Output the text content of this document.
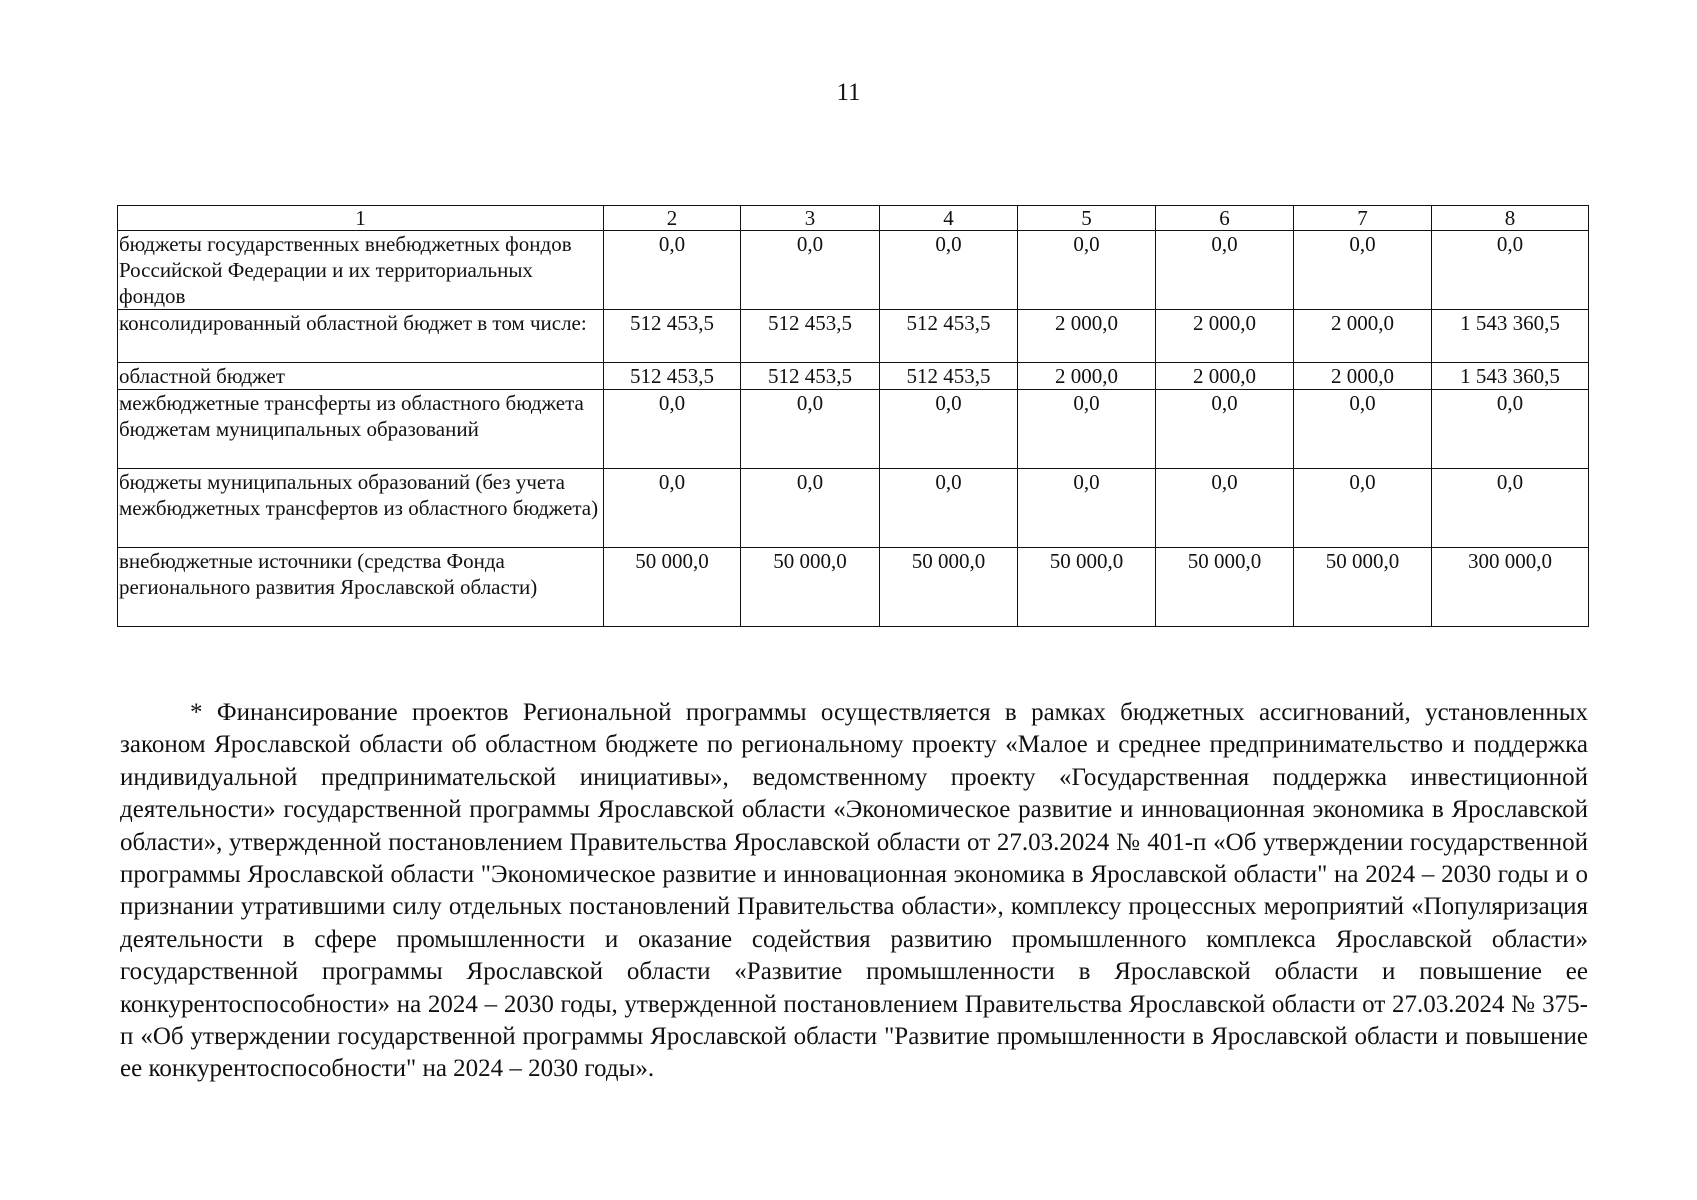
11
1	2	3	4	5	6	7	8
бюджеты государственных внебюджетных фондов Российской Федерации и их территориальных фондов	0,0	0,0	0,0	0,0	0,0	0,0	0,0
консолидированный областной бюджет в том числе:	512 453,5	512 453,5	512 453,5	2 000,0	2 000,0	2 000,0	1 543 360,5
областной бюджет	512 453,5	512 453,5	512 453,5	2 000,0	2 000,0	2 000,0	1 543 360,5
межбюджетные трансферты из областного бюджета бюджетам муниципальных образований	0,0	0,0	0,0	0,0	0,0	0,0	0,0
бюджеты муниципальных образований (без учета межбюджетных трансфертов из областного бюджета)	0,0	0,0	0,0	0,0	0,0	0,0	0,0
внебюджетные источники (средства Фонда регионального развития Ярославской области)	50 000,0	50 000,0	50 000,0	50 000,0	50 000,0	50 000,0	300 000,0

* Финансирование проектов Региональной программы осуществляется в рамках бюджетных ассигнований, установленных законом Ярославской области об областном бюджете по региональному проекту «Малое и среднее предпринимательство и поддержка индивидуальной предпринимательской инициативы», ведомственному проекту «Государственная поддержка инвестиционной деятельности» государственной программы Ярославской области «Экономическое развитие и инновационная экономика в Ярославской области», утвержденной постановлением Правительства Ярославской области от 27.03.2024 № 401-п «Об утверждении государственной программы Ярославской области "Экономическое развитие и инновационная экономика в Ярославской области" на 2024 – 2030 годы и о признании утратившими силу отдельных постановлений Правительства области», комплексу процессных мероприятий «Популяризация деятельности в сфере промышленности и оказание содействия развитию промышленного комплекса Ярославской области» государственной программы Ярославской области «Развитие промышленности в Ярославской области и повышение ее конкурентоспособности» на 2024 – 2030 годы, утвержденной постановлением Правительства Ярославской области от 27.03.2024 № 375-п «Об утверждении государственной программы Ярославской области "Развитие промышленности в Ярославской области и повышение ее конкурентоспособности" на 2024 – 2030 годы».
